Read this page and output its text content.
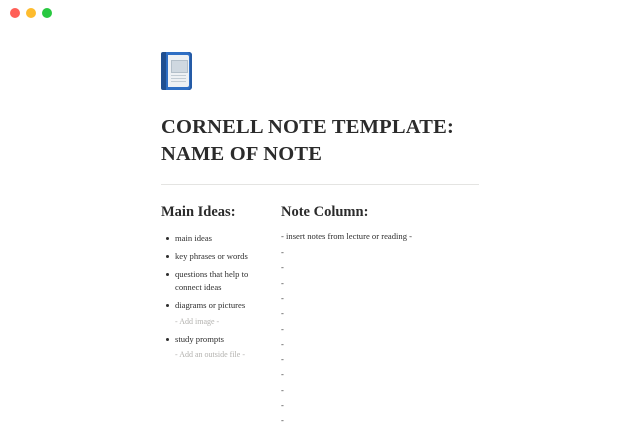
CORNELL NOTE TEMPLATE: NAME OF NOTE
Main Ideas:
main ideas
key phrases or words
questions that help to connect ideas
diagrams or pictures
- Add image -
study prompts
- Add an outside file -
Note Column:
- insert notes from lecture or reading -
-
-
-
-
-
-
-
-
-
-
-
-
